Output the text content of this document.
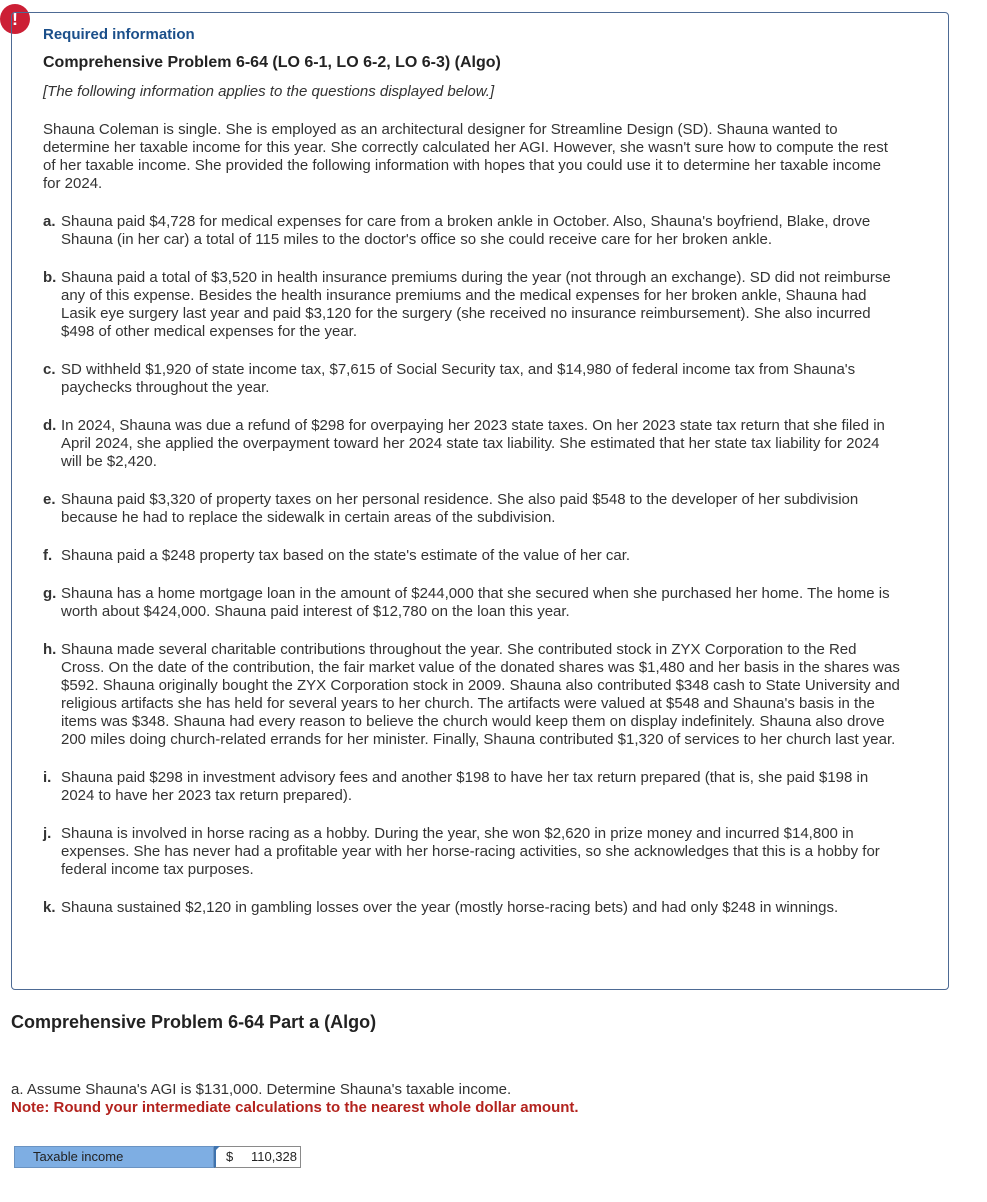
!
Required information
Comprehensive Problem 6-64 (LO 6-1, LO 6-2, LO 6-3) (Algo)
[The following information applies to the questions displayed below.]
Shauna Coleman is single. She is employed as an architectural designer for Streamline Design (SD). Shauna wanted to determine her taxable income for this year. She correctly calculated her AGI. However, she wasn't sure how to compute the rest of her taxable income. She provided the following information with hopes that you could use it to determine her taxable income for 2024.
a. Shauna paid $4,728 for medical expenses for care from a broken ankle in October. Also, Shauna's boyfriend, Blake, drove Shauna (in her car) a total of 115 miles to the doctor's office so she could receive care for her broken ankle.
b. Shauna paid a total of $3,520 in health insurance premiums during the year (not through an exchange). SD did not reimburse any of this expense. Besides the health insurance premiums and the medical expenses for her broken ankle, Shauna had Lasik eye surgery last year and paid $3,120 for the surgery (she received no insurance reimbursement). She also incurred $498 of other medical expenses for the year.
c. SD withheld $1,920 of state income tax, $7,615 of Social Security tax, and $14,980 of federal income tax from Shauna's paychecks throughout the year.
d. In 2024, Shauna was due a refund of $298 for overpaying her 2023 state taxes. On her 2023 state tax return that she filed in April 2024, she applied the overpayment toward her 2024 state tax liability. She estimated that her state tax liability for 2024 will be $2,420.
e. Shauna paid $3,320 of property taxes on her personal residence. She also paid $548 to the developer of her subdivision because he had to replace the sidewalk in certain areas of the subdivision.
f. Shauna paid a $248 property tax based on the state's estimate of the value of her car.
g. Shauna has a home mortgage loan in the amount of $244,000 that she secured when she purchased her home. The home is worth about $424,000. Shauna paid interest of $12,780 on the loan this year.
h. Shauna made several charitable contributions throughout the year. She contributed stock in ZYX Corporation to the Red Cross. On the date of the contribution, the fair market value of the donated shares was $1,480 and her basis in the shares was $592. Shauna originally bought the ZYX Corporation stock in 2009. Shauna also contributed $348 cash to State University and religious artifacts she has held for several years to her church. The artifacts were valued at $548 and Shauna's basis in the items was $348. Shauna had every reason to believe the church would keep them on display indefinitely. Shauna also drove 200 miles doing church-related errands for her minister. Finally, Shauna contributed $1,320 of services to her church last year.
i. Shauna paid $298 in investment advisory fees and another $198 to have her tax return prepared (that is, she paid $198 in 2024 to have her 2023 tax return prepared).
j. Shauna is involved in horse racing as a hobby. During the year, she won $2,620 in prize money and incurred $14,800 in expenses. She has never had a profitable year with her horse-racing activities, so she acknowledges that this is a hobby for federal income tax purposes.
k. Shauna sustained $2,120 in gambling losses over the year (mostly horse-racing bets) and had only $248 in winnings.
Comprehensive Problem 6-64 Part a (Algo)
a. Assume Shauna's AGI is $131,000. Determine Shauna's taxable income.
Note: Round your intermediate calculations to the nearest whole dollar amount.
Taxable income	$	110,328
